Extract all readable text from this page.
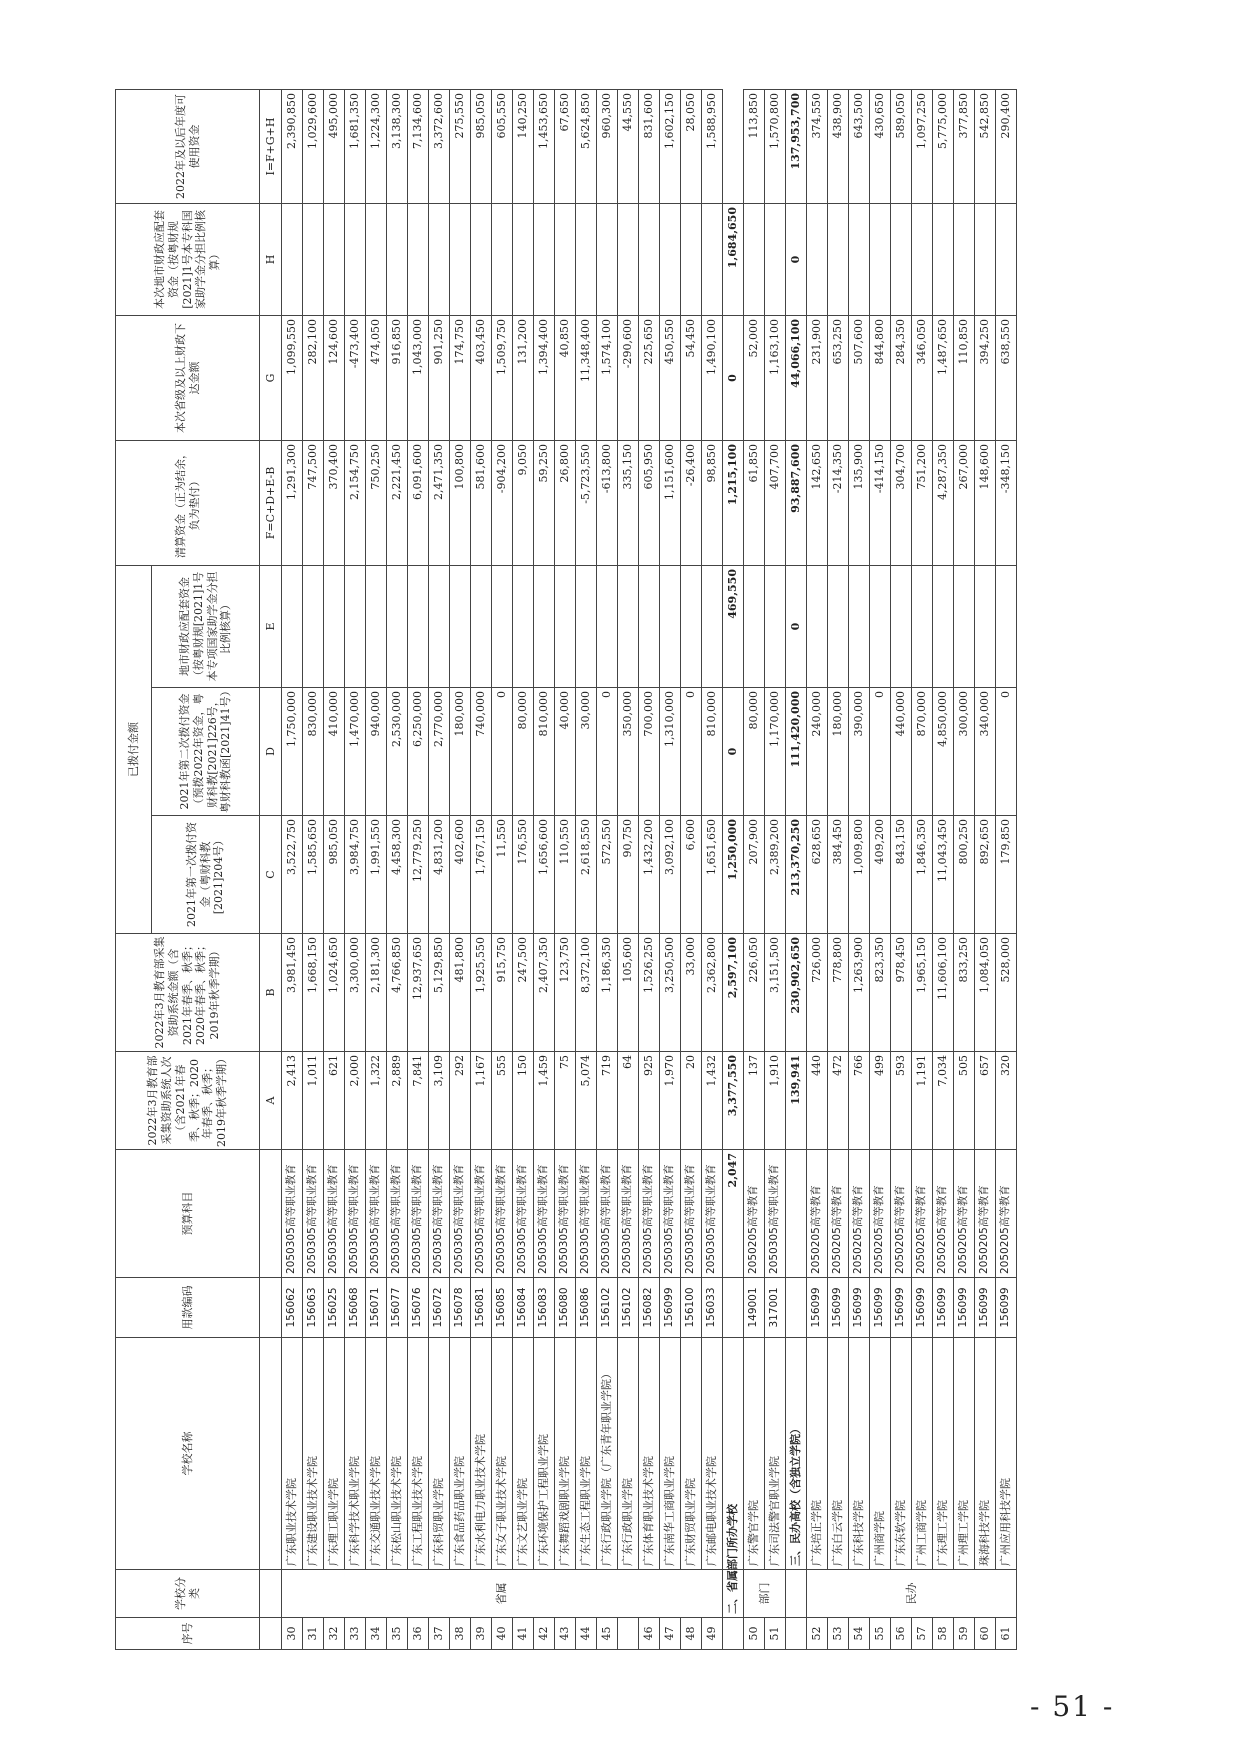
序号	学校分类	学校名称	用款编码	预算科目	2022年3月教育部采集资助系统人次（含2021年春季、秋季；2020年春季、秋季；2019年秋季学期）	2022年3月教育部采集资助系统金额（含2021年春季、秋季；2020年春季、秋季；2019年秋季学期）	已拨付金额			清算资金（正为结余，负为垫付）	本次省级及以上财政下达金额	本次地市财政应配套资金（按粤财规[2021]1号本专科国家助学金分担比例核算）	2022年及以后年度可使用资金
							2021年第一次拨付资金（粤财科教[2021]204号）	2021年第二次拨付资金（预拨2022年资金，粤财科教[2021]226号，粤财科教函[2021]41号）	地市财政应配套资金（按粤财规[2021]1号本专项国家助学金分担比例核算）				
					A	B	C	D	E	F=C+D+E-B	G	H	I=F+G+H
30	省属	广东职业技术学院	156062	2050305高等职业教育	2,413	3,981,450	3,522,750	1,750,000		1,291,300	1,099,550		2,390,850
31		广东建设职业技术学院	156063	2050305高等职业教育	1,011	1,668,150	1,585,650	830,000		747,500	282,100		1,029,600
32		广东理工职业学院	156025	2050305高等职业教育	621	1,024,650	985,050	410,000		370,400	124,600		495,000
33		广东科学技术职业学院	156068	2050305高等职业教育	2,000	3,300,000	3,984,750	1,470,000		2,154,750	-473,400		1,681,350
34		广东交通职业技术学院	156071	2050305高等职业教育	1,322	2,181,300	1,991,550	940,000		750,250	474,050		1,224,300
35		广东松山职业技术学院	156077	2050305高等职业教育	2,889	4,766,850	4,458,300	2,530,000		2,221,450	916,850		3,138,300
36		广东工程职业技术学院	156076	2050305高等职业教育	7,841	12,937,650	12,779,250	6,250,000		6,091,600	1,043,000		7,134,600
37		广东科贸职业学院	156072	2050305高等职业教育	3,109	5,129,850	4,831,200	2,770,000		2,471,350	901,250		3,372,600
38		广东食品药品职业学院	156078	2050305高等职业教育	292	481,800	402,600	180,000		100,800	174,750		275,550
39		广东水利电力职业技术学院	156081	2050305高等职业教育	1,167	1,925,550	1,767,150	740,000		581,600	403,450		985,050
40		广东女子职业技术学院	156085	2050305高等职业教育	555	915,750	11,550	0		-904,200	1,509,750		605,550
41		广东文艺职业学院	156084	2050305高等职业教育	150	247,500	176,550	80,000		9,050	131,200		140,250
42		广东环境保护工程职业学院	156083	2050305高等职业教育	1,459	2,407,350	1,656,600	810,000		59,250	1,394,400		1,453,650
43		广东舞蹈戏剧职业学院	156080	2050305高等职业教育	75	123,750	110,550	40,000		26,800	40,850		67,650
44		广东生态工程职业学院	156086	2050305高等职业教育	5,074	8,372,100	2,618,550	30,000		-5,723,550	11,348,400		5,624,850
45		广东行政职业学院（广东青年职业学院）	156102	2050305高等职业教育	719	1,186,350	572,550	0		-613,800	1,574,100		960,300
		广东行政职业学院	156102	2050305高等职业教育	64	105,600	90,750	350,000		335,150	-290,600		44,550
46		广东体育职业技术学院	156082	2050305高等职业教育	925	1,526,250	1,432,200	700,000		605,950	225,650		831,600
47		广东南华工商职业学院	156099	2050305高等职业教育	1,970	3,250,500	3,092,100	1,310,000		1,151,600	450,550		1,602,150
48		广东财贸职业学院	156100	2050305高等职业教育	20	33,000	6,600	0		-26,400	54,450		28,050
49		广东邮电职业技术学院	156033	2050305高等职业教育	1,432	2,362,800	1,651,650	810,000		98,850	1,490,100		1,588,950
	二、省属部门所办学校			2,047	3,377,550	2,597,100	1,250,000	0	469,550	1,215,100	0	1,684,650	
50	部门	广东警官学院	149001	2050205高等教育	137	226,050	207,900	80,000		61,850	52,000		113,850
51		广东司法警官职业学院	317001	2050305高等职业教育	1,910	3,151,500	2,389,200	1,170,000		407,700	1,163,100		1,570,800
		三、民办高校（含独立学院）			139,941	230,902,650	213,370,250	111,420,000	0	93,887,600	44,066,100	0	137,953,700
52	民办	广东培正学院	156099	2050205高等教育	440	726,000	628,650	240,000		142,650	231,900		374,550
53		广东白云学院	156099	2050205高等教育	472	778,800	384,450	180,000		-214,350	653,250		438,900
54		广东科技学院	156099	2050205高等教育	766	1,263,900	1,009,800	390,000		135,900	507,600		643,500
55		广州商学院	156099	2050205高等教育	499	823,350	409,200	0		-414,150	844,800		430,650
56		广东东软学院	156099	2050205高等教育	593	978,450	843,150	440,000		304,700	284,350		589,050
57		广州工商学院	156099	2050205高等教育	1,191	1,965,150	1,846,350	870,000		751,200	346,050		1,097,250
58		广东理工学院	156099	2050205高等教育	7,034	11,606,100	11,043,450	4,850,000		4,287,350	1,487,650		5,775,000
59		广州理工学院	156099	2050205高等教育	505	833,250	800,250	300,000		267,000	110,850		377,850
60		珠海科技学院	156099	2050205高等教育	657	1,084,050	892,650	340,000		148,600	394,250		542,850
61		广州应用科技学院	156099	2050205高等教育	320	528,000	179,850	0		-348,150	638,550		290,400
- 51 -
